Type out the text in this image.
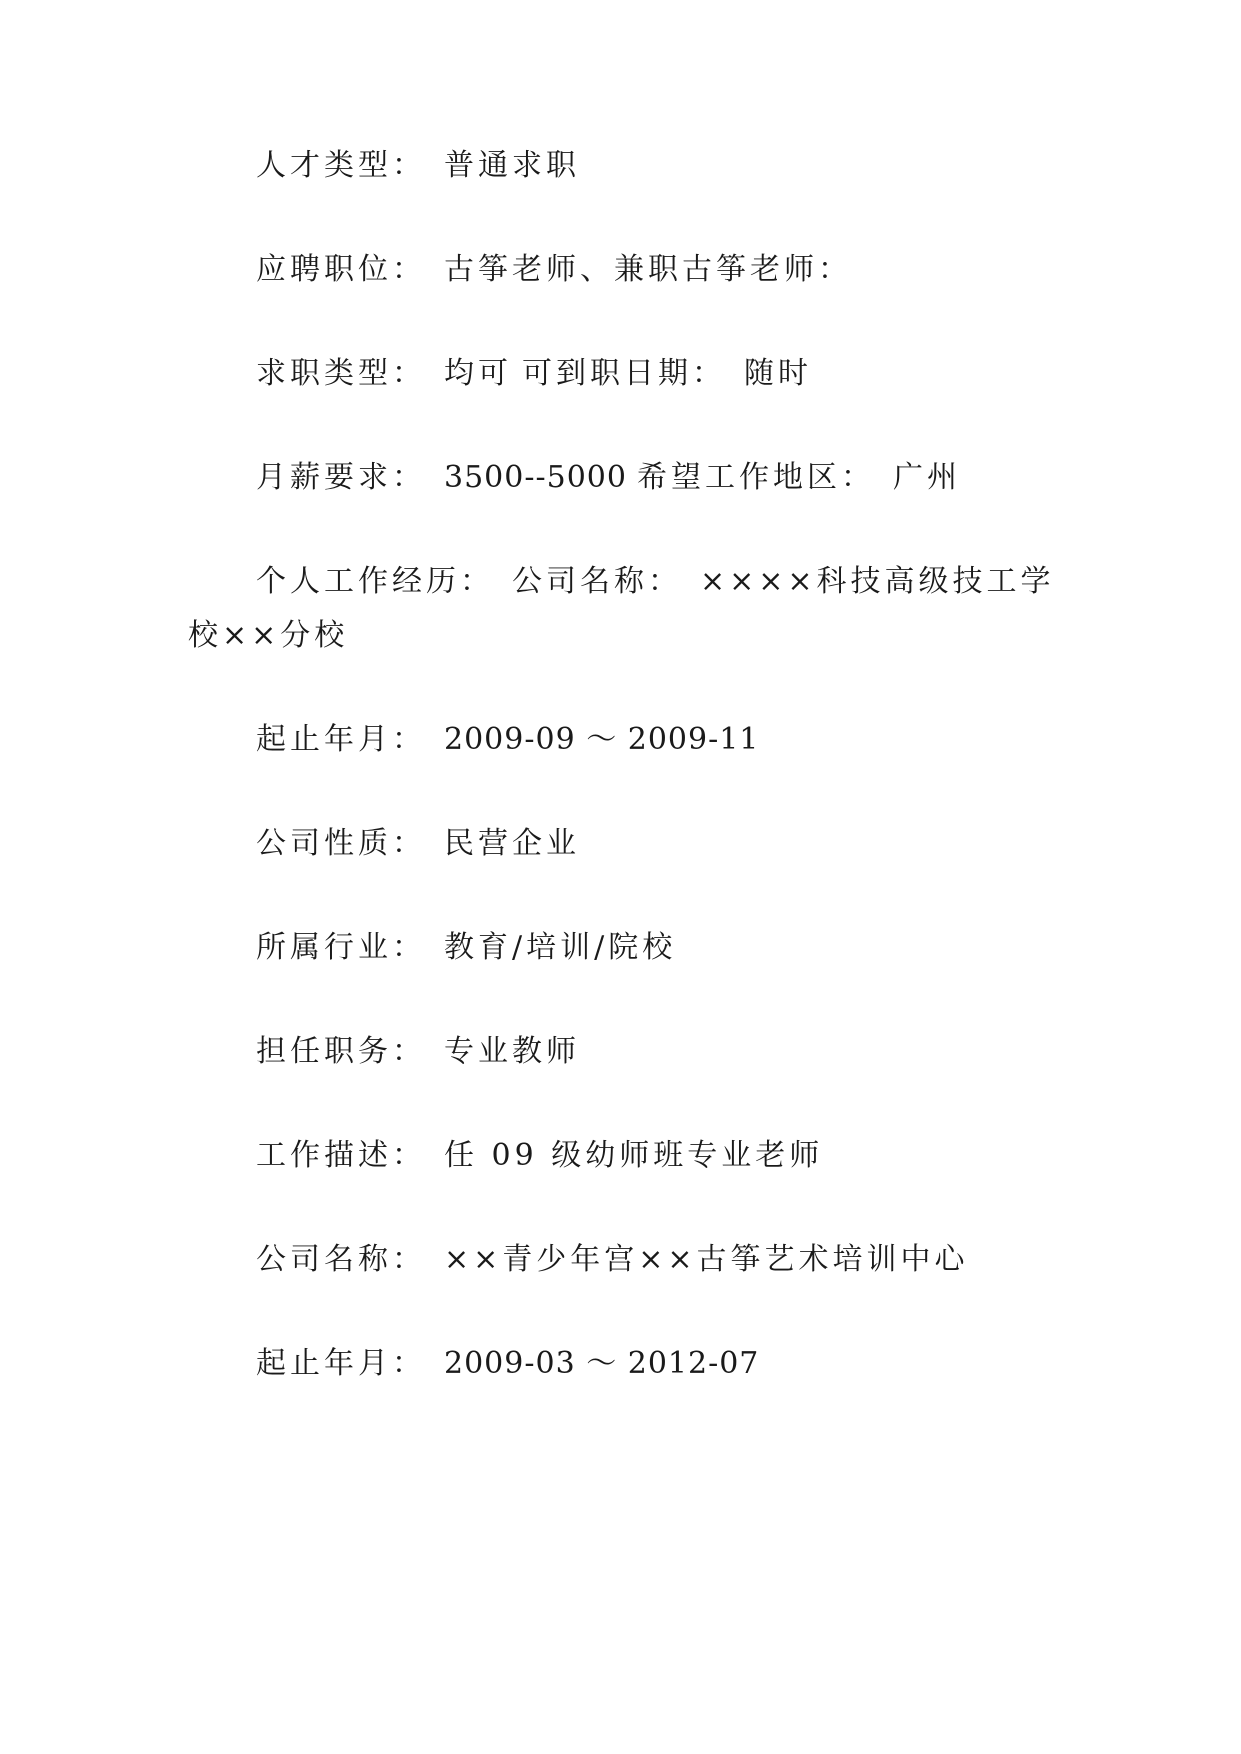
人才类型： 普通求职
应聘职位： 古筝老师、兼职古筝老师：
求职类型： 均可 可到职日期： 随时
月薪要求： 3500--5000 希望工作地区： 广州
个人工作经历： 公司名称： ××××科技高级技工学
校××分校
起止年月： 2009-09 ～ 2009-11
公司性质： 民营企业
所属行业： 教育/培训/院校
担任职务： 专业教师
工作描述： 任 09 级幼师班专业老师
公司名称： ××青少年宫××古筝艺术培训中心
起止年月： 2009-03 ～ 2012-07
